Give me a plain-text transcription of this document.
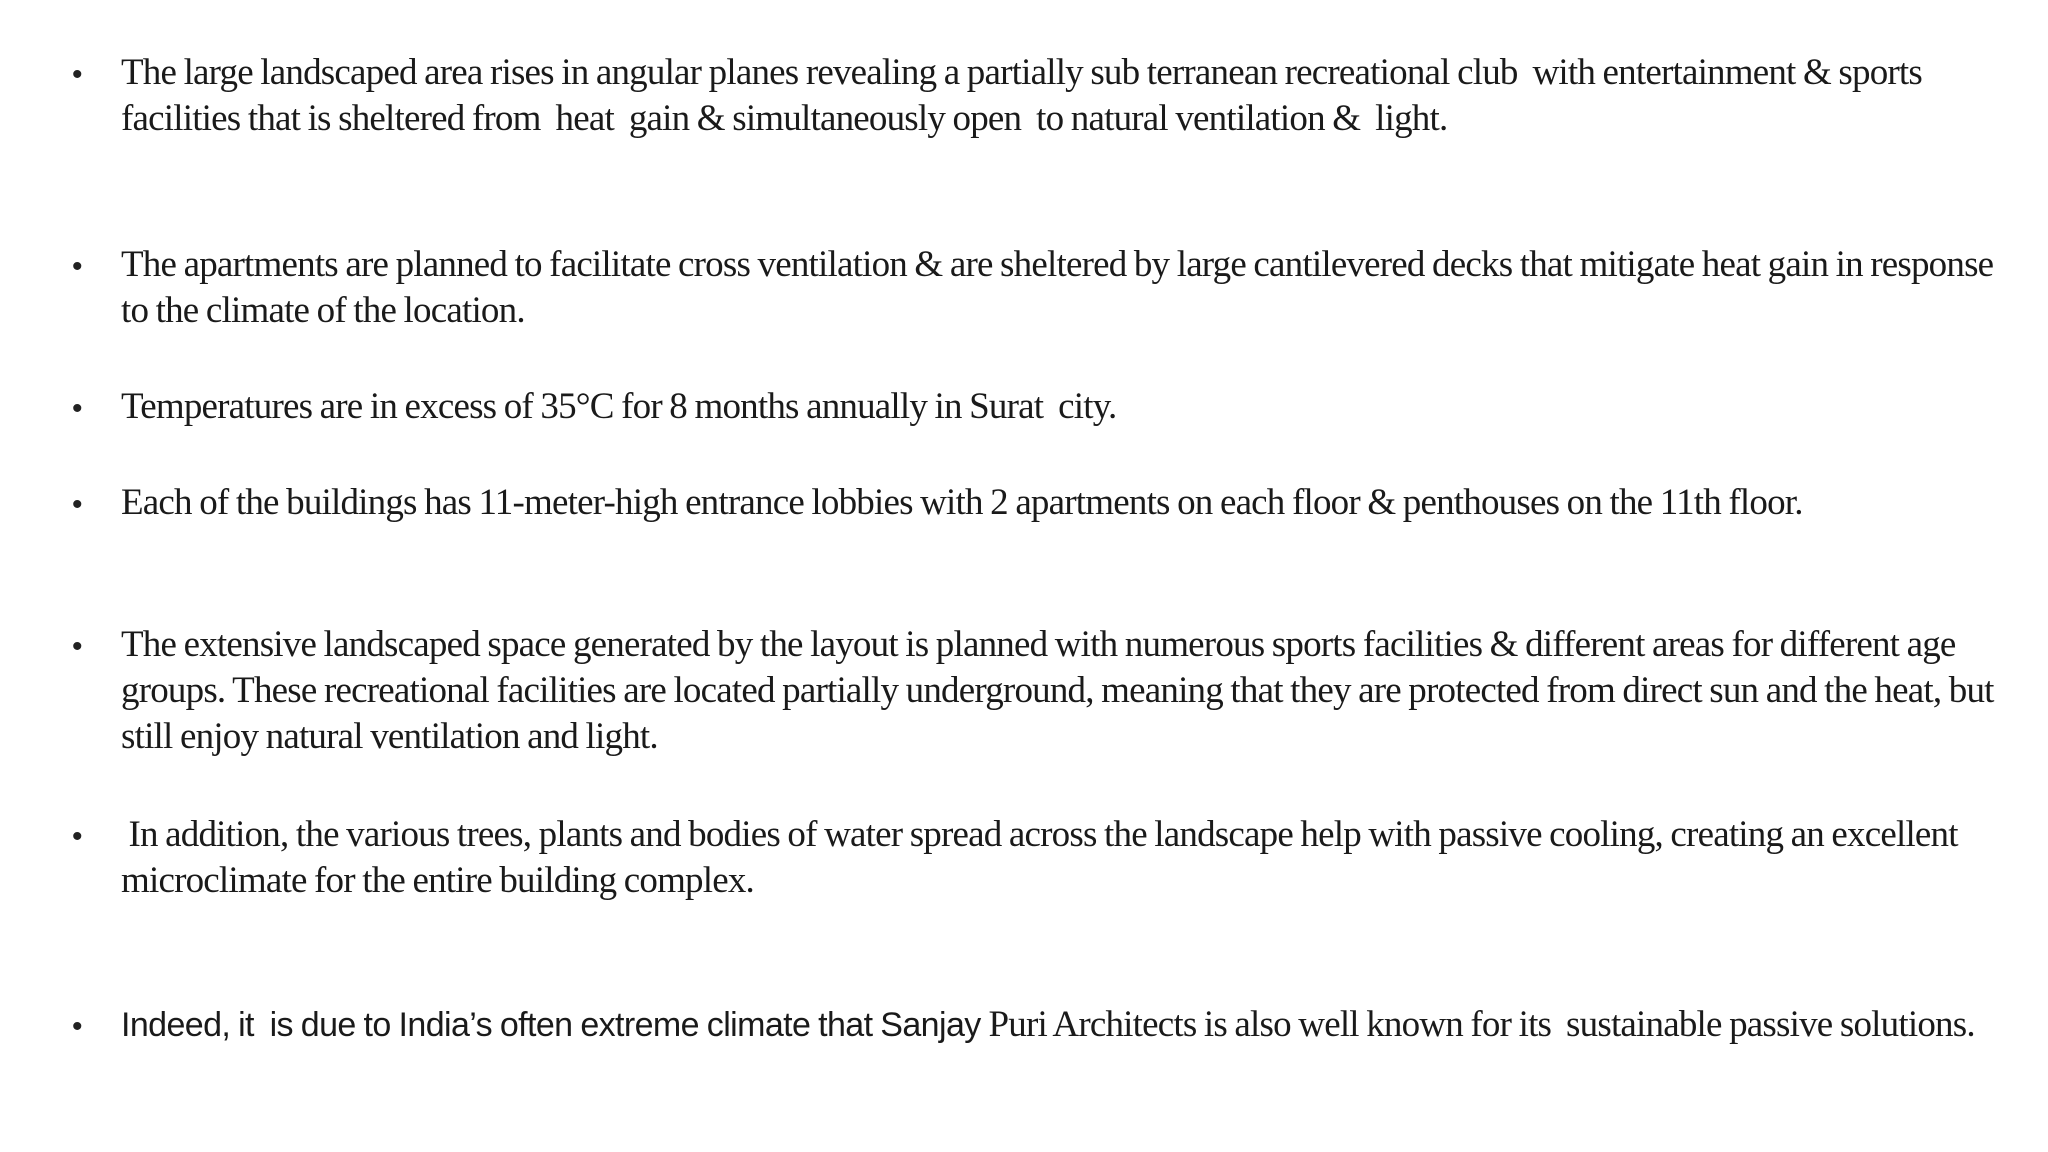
• The large landscaped area rises in angular planes revealing a partially sub terranean recreational club  with entertainment & sports facilities that is sheltered from  heat  gain & simultaneously open  to natural ventilation &  light.
• The apartments are planned to facilitate cross ventilation & are sheltered by large cantilevered decks that mitigate heat gain in response to the climate of the location.
• Temperatures are in excess of 35°C for 8 months annually in Surat  city.
• Each of the buildings has 11-meter-high entrance lobbies with 2 apartments on each floor & penthouses on the 11th floor.
• The extensive landscaped space generated by the layout is planned with numerous sports facilities & different areas for different age groups. These recreational facilities are located partially underground, meaning that they are protected from direct sun and the heat, but still enjoy natural ventilation and light.
• In addition, the various trees, plants and bodies of water spread across the landscape help with passive cooling, creating an excellent microclimate for the entire building complex.
• Indeed, it  is due to India’s often extreme climate that Sanjay Puri Architects is also well known for its  sustainable passive solutions.
